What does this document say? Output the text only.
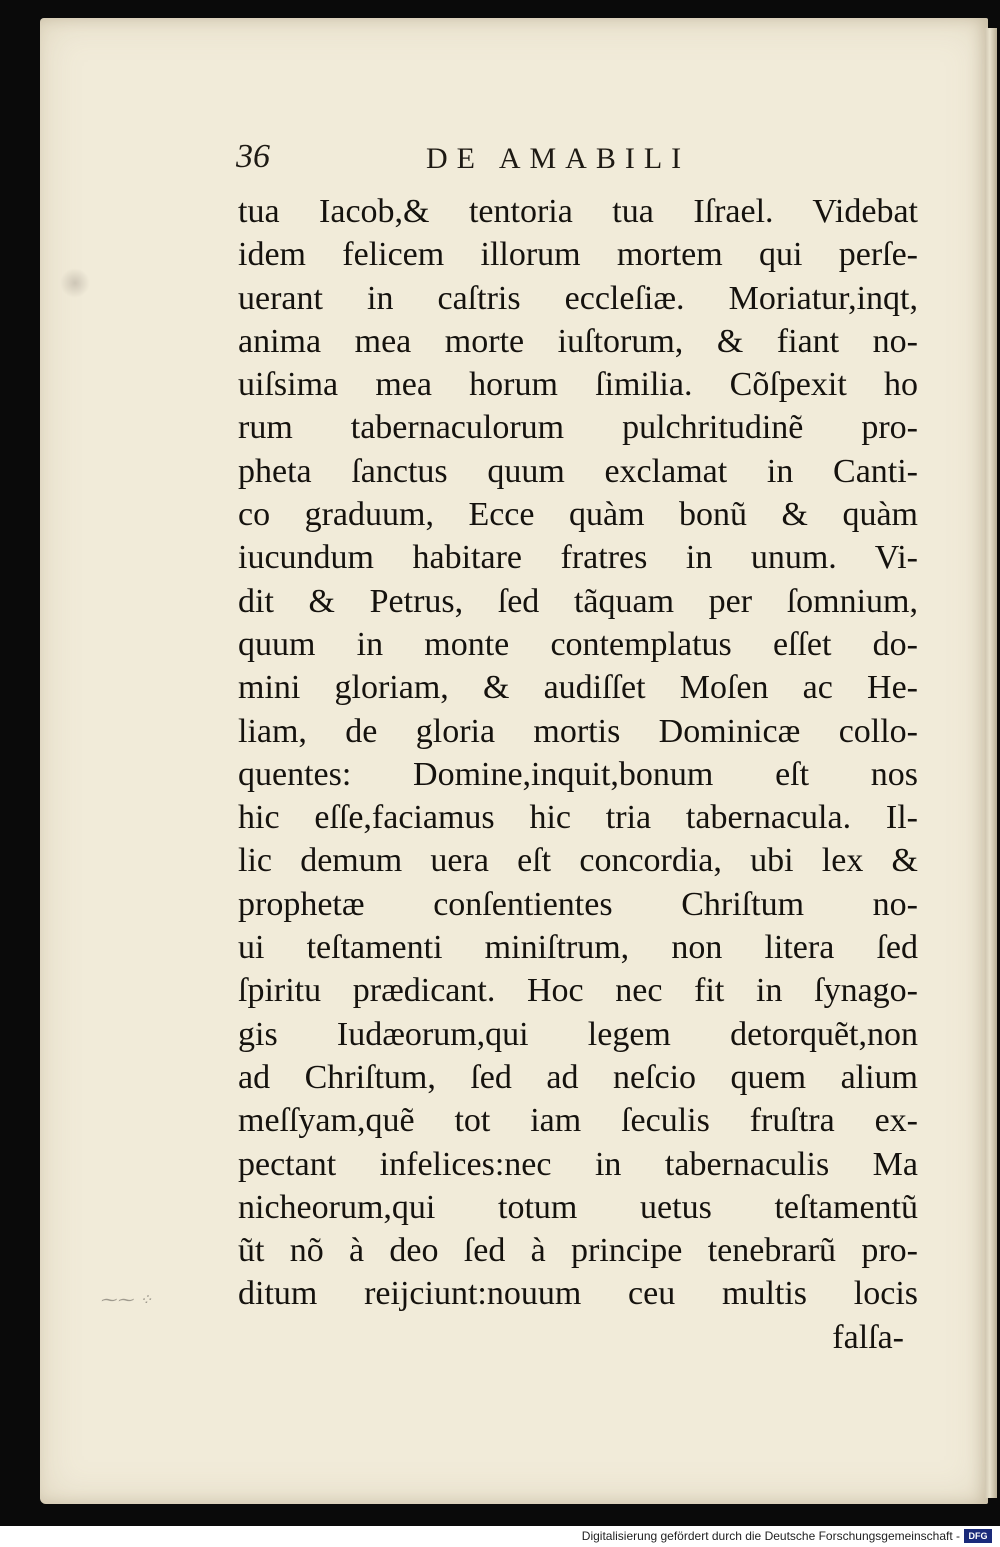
⁓⁓ ⁘
36	DE AMABILI
tua Iacob,& tentoria tua Iſrael. Videbat
idem felicem illorum mortem qui perſe-
uerant in caſtris eccleſiæ. Moriatur,inqt,
anima mea morte iuſtorum, & fiant no-
uiſsima mea horum ſimilia. Cõſpexit ho
rum tabernaculorum pulchritudinẽ pro-
pheta ſanctus quum exclamat in Canti-
co graduum, Ecce quàm bonũ & quàm
iucundum habitare fratres in unum. Vi-
dit & Petrus, ſed tãquam per ſomnium,
quum in monte contemplatus eſſet do-
mini gloriam, & audiſſet Moſen ac He-
liam, de gloria mortis Dominicæ collo-
quentes: Domine,inquit,bonum eſt nos
hic eſſe,faciamus hic tria tabernacula. Il-
lic demum uera eſt concordia, ubi lex &
prophetæ conſentientes Chriſtum no-
ui teſtamenti miniſtrum, non litera ſed
ſpiritu prædicant. Hoc nec fit in ſynago-
gis Iudæorum,qui legem detorquẽt,non
ad Chriſtum, ſed ad neſcio quem alium
meſſyam,quẽ tot iam ſeculis fruſtra ex-
pectant infelices:nec in tabernaculis Ma
nicheorum,qui totum uetus teſtamentũ
ũt nõ à deo ſed à principe tenebrarũ pro-
ditum reijciunt:nouum ceu multis locis
falſa-
Digitalisierung gefördert durch die Deutsche Forschungsgemeinschaft - DFG
